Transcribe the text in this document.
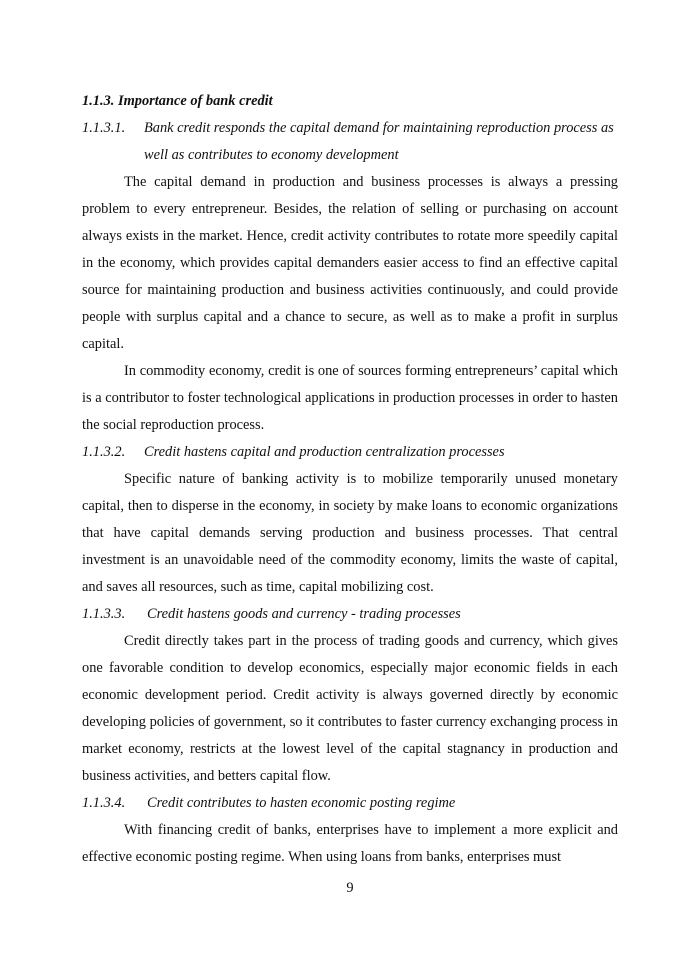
1.1.3. Importance of bank credit

1.1.3.1. Bank credit responds the capital demand for maintaining reproduction process as well as contributes to economy development

The capital demand in production and business processes is always a pressing problem to every entrepreneur. Besides, the relation of selling or purchasing on account always exists in the market. Hence, credit activity contributes to rotate more speedily capital in the economy, which provides capital demanders easier access to find an effective capital source for maintaining production and business activities continuously, and could provide people with surplus capital and a chance to secure, as well as to make a profit in surplus capital.

In commodity economy, credit is one of sources forming entrepreneurs’ capital which is a contributor to foster technological applications in production processes in order to hasten the social reproduction process.

1.1.3.2.	Credit hastens capital and production centralization processes

Specific nature of banking activity is to mobilize temporarily unused monetary capital, then to disperse in the economy, in society by make loans to economic organizations that have capital demands serving production and business processes. That central investment is an unavoidable need of the commodity economy, limits the waste of capital, and saves all resources, such as time, capital mobilizing cost.

1.1.3.3.	Credit hastens goods and currency - trading processes

Credit directly takes part in the process of trading goods and currency, which gives one favorable condition to develop economics, especially major economic fields in each economic development period. Credit activity is always governed directly by economic developing policies of government, so it contributes to faster currency exchanging process in market economy, restricts at the lowest level of the capital stagnancy in production and business activities, and betters capital flow.

1.1.3.4.	Credit contributes to hasten economic posting regime

With financing credit of banks, enterprises have to implement a more explicit and effective economic posting regime. When using loans from banks, enterprises must

9
